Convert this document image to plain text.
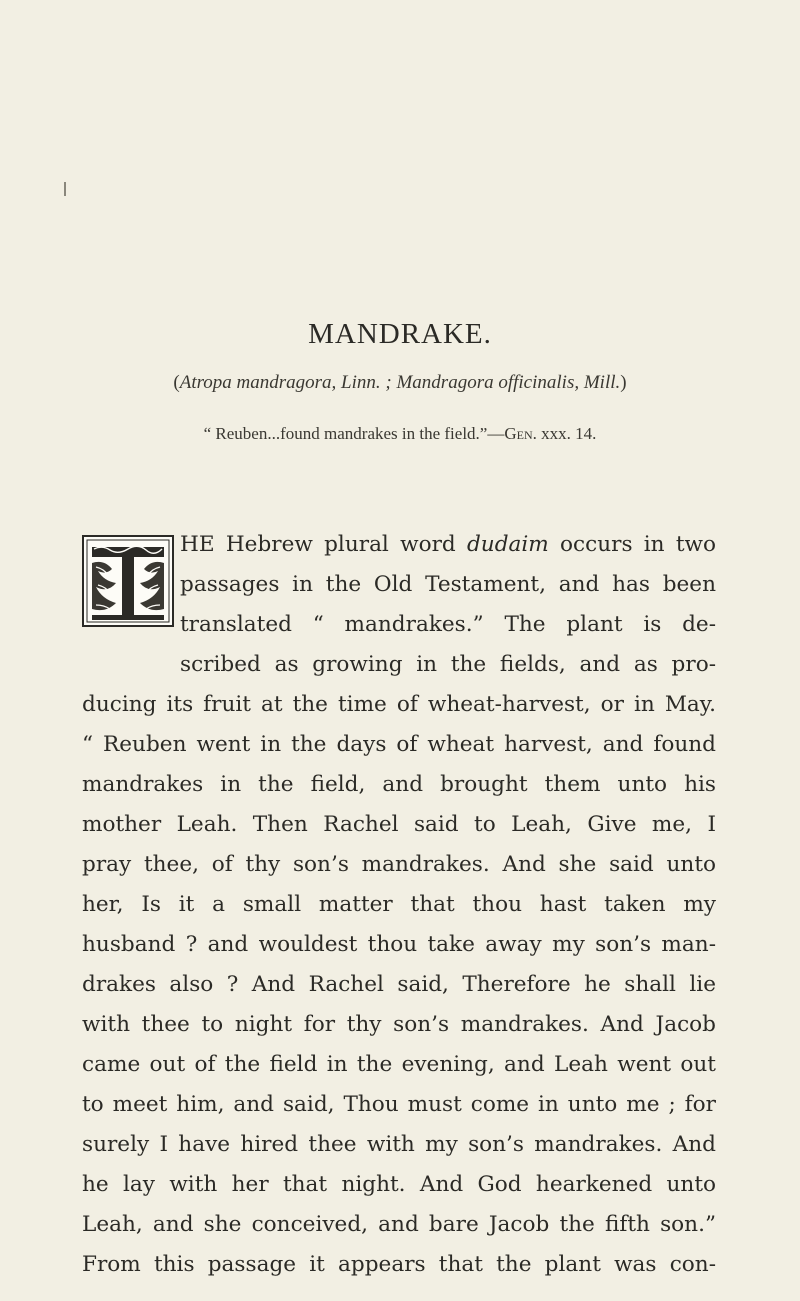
MANDRAKE.
(Atropa mandragora, Linn. ; Mandragora officinalis, Mill.)
“ Reuben...found mandrakes in the field.”—Gen. xxx. 14.
HE Hebrew plural word dudaim occurs in two
passages in the Old Testament, and has been
translated “ mandrakes.” The plant is de-
scribed as growing in the fields, and as pro-
ducing its fruit at the time of wheat-harvest, or in May.
“ Reuben went in the days of wheat harvest, and found
mandrakes in the field, and brought them unto his
mother Leah. Then Rachel said to Leah, Give me, I
pray thee, of thy son’s mandrakes. And she said unto
her, Is it a small matter that thou hast taken my
husband ? and wouldest thou take away my son’s man-
drakes also ? And Rachel said, Therefore he shall lie
with thee to night for thy son’s mandrakes. And Jacob
came out of the field in the evening, and Leah went out
to meet him, and said, Thou must come in unto me ; for
surely I have hired thee with my son’s mandrakes. And
he lay with her that night. And God hearkened unto
Leah, and she conceived, and bare Jacob the fifth son.”
From this passage it appears that the plant was con-
